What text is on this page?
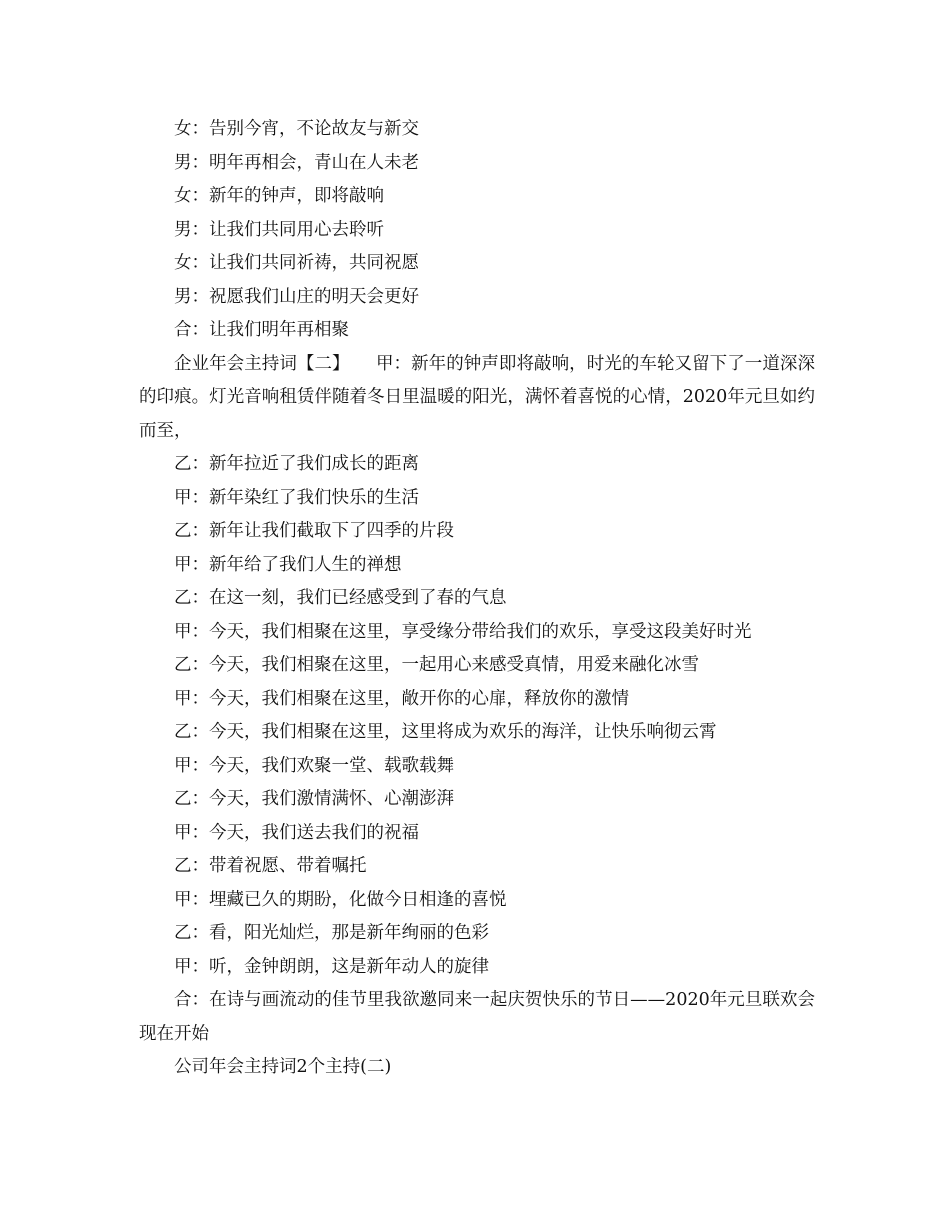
女：告别今宵，不论故友与新交

男：明年再相会，青山在人未老

女：新年的钟声，即将敲响

男：让我们共同用心去聆听

女：让我们共同祈祷，共同祝愿

男：祝愿我们山庄的明天会更好

合：让我们明年再相聚

企业年会主持词【二】　　甲：新年的钟声即将敲响，时光的车轮又留下了一道深深的印痕。灯光音响租赁伴随着冬日里温暖的阳光，满怀着喜悦的心情，2020年元旦如约而至，

乙：新年拉近了我们成长的距离

甲：新年染红了我们快乐的生活

乙：新年让我们截取下了四季的片段

甲：新年给了我们人生的禅想

乙：在这一刻，我们已经感受到了春的气息

甲：今天，我们相聚在这里，享受缘分带给我们的欢乐，享受这段美好时光

乙：今天，我们相聚在这里，一起用心来感受真情，用爱来融化冰雪

甲：今天，我们相聚在这里，敞开你的心扉，释放你的激情

乙：今天，我们相聚在这里，这里将成为欢乐的海洋，让快乐响彻云霄

甲：今天，我们欢聚一堂、载歌载舞

乙：今天，我们激情满怀、心潮澎湃

甲：今天，我们送去我们的祝福

乙：带着祝愿、带着嘱托

甲：埋藏已久的期盼，化做今日相逢的喜悦

乙：看，阳光灿烂，那是新年绚丽的色彩

甲：听，金钟朗朗，这是新年动人的旋律

合：在诗与画流动的佳节里我欲邀同来一起庆贺快乐的节日——2020年元旦联欢会现在开始

公司年会主持词2个主持(二)
